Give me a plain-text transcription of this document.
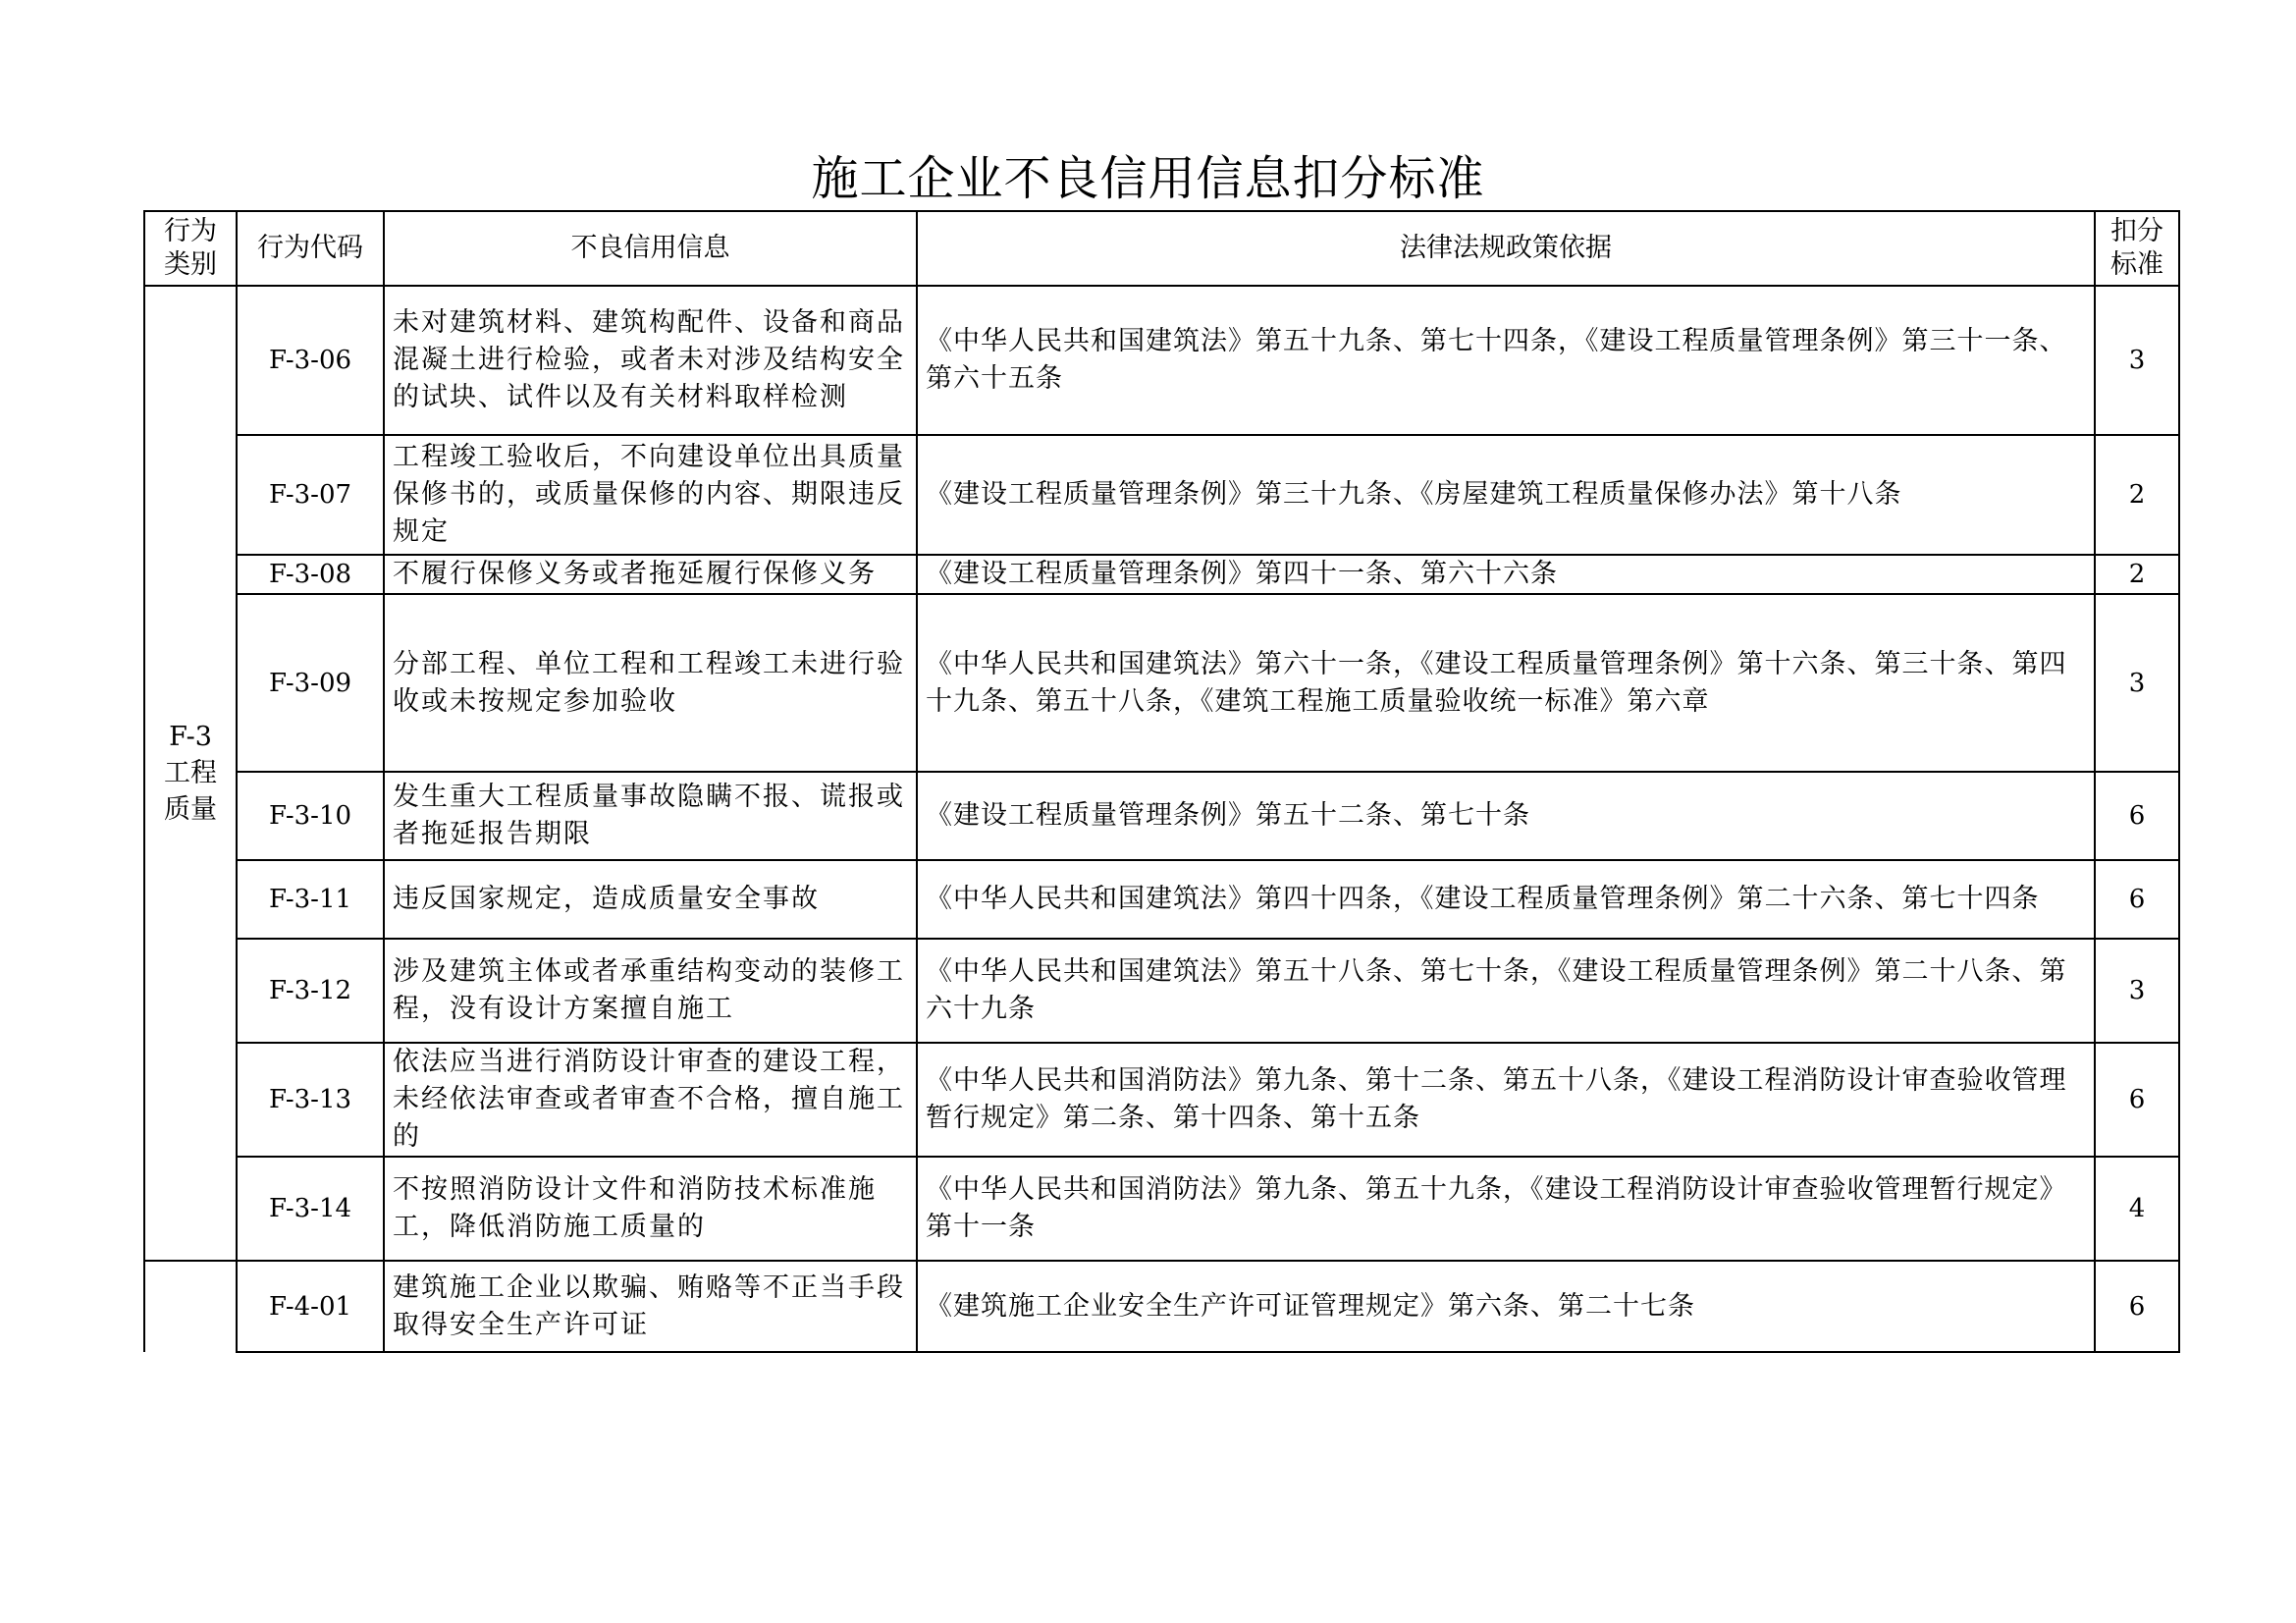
施工企业不良信用信息扣分标准
行为类别	行为代码	不良信用信息	法律法规政策依据	扣分标准

F-3
工程质量	F-3-06	未对建筑材料、建筑构配件、设备和商品混凝土进行检验，或者未对涉及结构安全的试块、试件以及有关材料取样检测	《中华人民共和国建筑法》第五十九条、第七十四条，《建设工程质量管理条例》第三十一条、第六十五条	3
	F-3-07	工程竣工验收后，不向建设单位出具质量保修书的，或质量保修的内容、期限违反规定	《建设工程质量管理条例》第三十九条、《房屋建筑工程质量保修办法》第十八条	2
	F-3-08	不履行保修义务或者拖延履行保修义务	《建设工程质量管理条例》第四十一条、第六十六条	2
	F-3-09	分部工程、单位工程和工程竣工未进行验收或未按规定参加验收	《中华人民共和国建筑法》第六十一条，《建设工程质量管理条例》第十六条、第三十条、第四十九条、第五十八条，《建筑工程施工质量验收统一标准》第六章	3
	F-3-10	发生重大工程质量事故隐瞒不报、谎报或者拖延报告期限	《建设工程质量管理条例》第五十二条、第七十条	6
	F-3-11	违反国家规定，造成质量安全事故	《中华人民共和国建筑法》第四十四条，《建设工程质量管理条例》第二十六条、第七十四条	6
	F-3-12	涉及建筑主体或者承重结构变动的装修工程，没有设计方案擅自施工	《中华人民共和国建筑法》第五十八条、第七十条，《建设工程质量管理条例》第二十八条、第六十九条	3
	F-3-13	依法应当进行消防设计审查的建设工程，未经依法审查或者审查不合格，擅自施工的	《中华人民共和国消防法》第九条、第十二条、第五十八条，《建设工程消防设计审查验收管理暂行规定》第二条、第十四条、第十五条	6
	F-3-14	不按照消防设计文件和消防技术标准施工，降低消防施工质量的	《中华人民共和国消防法》第九条、第五十九条，《建设工程消防设计审查验收管理暂行规定》第十一条	4
	F-4-01	建筑施工企业以欺骗、贿赂等不正当手段取得安全生产许可证	《建筑施工企业安全生产许可证管理规定》第六条、第二十七条	6
